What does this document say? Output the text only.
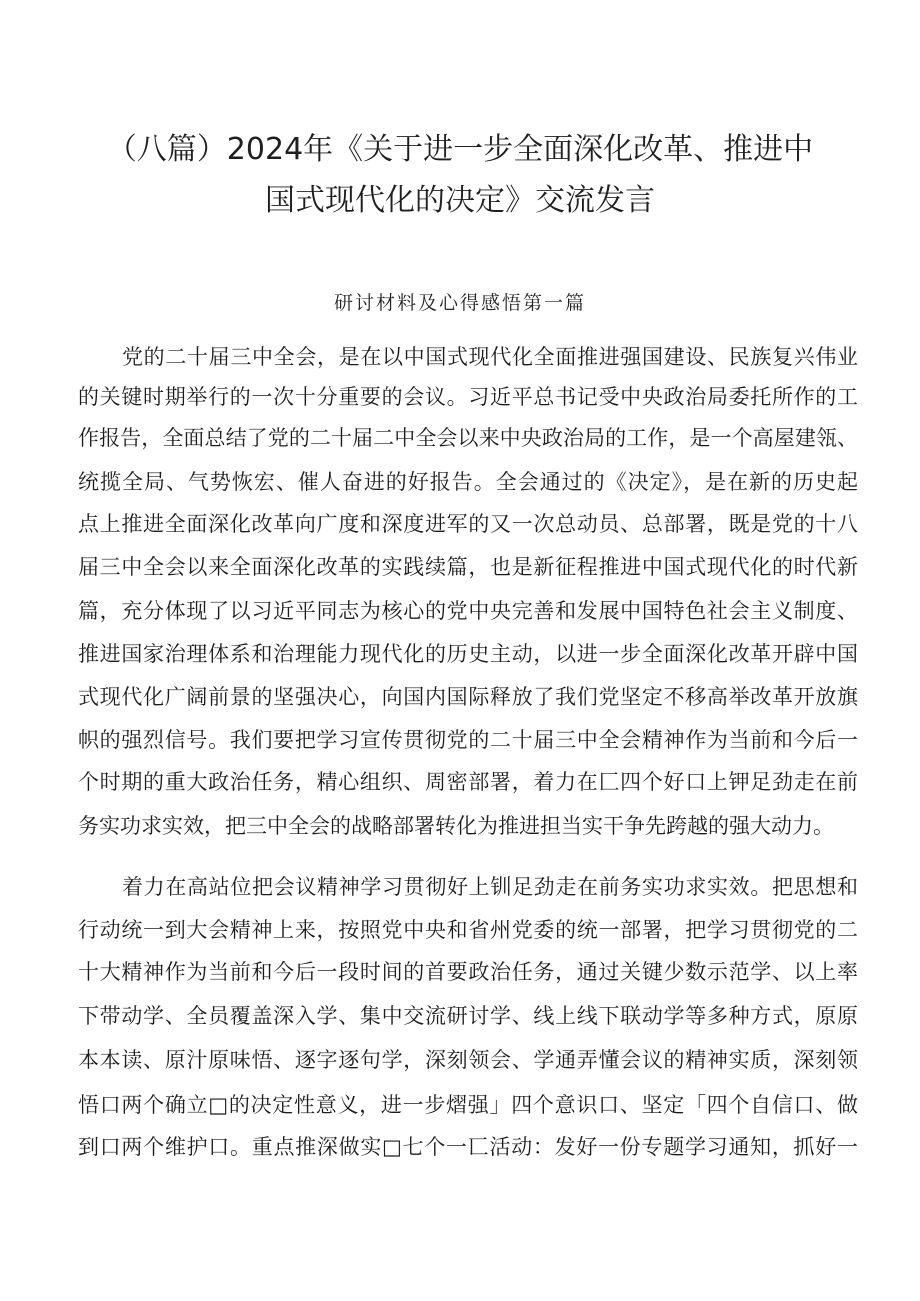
（八篇）2024年《关于进一步全面深化改革、推进中
国式现代化的决定》交流发言
研讨材料及心得感悟第一篇
党的二十届三中全会，是在以中国式现代化全面推进强国建设、民族复兴伟业
的关键时期举行的一次十分重要的会议。习近平总书记受中央政治局委托所作的工
作报告，全面总结了党的二十届二中全会以来中央政治局的工作，是一个高屋建瓴、
统揽全局、气势恢宏、催人奋进的好报告。全会通过的《决定》，是在新的历史起
点上推进全面深化改革向广度和深度进军的又一次总动员、总部署，既是党的十八
届三中全会以来全面深化改革的实践续篇，也是新征程推进中国式现代化的时代新
篇，充分体现了以习近平同志为核心的党中央完善和发展中国特色社会主义制度、
推进国家治理体系和治理能力现代化的历史主动，以进一步全面深化改革开辟中国
式现代化广阔前景的坚强决心，向国内国际释放了我们党坚定不移高举改革开放旗
帜的强烈信号。我们要把学习宣传贯彻党的二十届三中全会精神作为当前和今后一
个时期的重大政治任务，精心组织、周密部署，着力在匚四个好口上钾足劲走在前
务实功求实效，把三中全会的战略部署转化为推进担当实干争先跨越的强大动力。
着力在高站位把会议精神学习贯彻好上钏足劲走在前务实功求实效。把思想和
行动统一到大会精神上来，按照党中央和省州党委的统一部署，把学习贯彻党的二
十大精神作为当前和今后一段时间的首要政治任务，通过关键少数示范学、以上率
下带动学、全员覆盖深入学、集中交流研讨学、线上线下联动学等多种方式，原原
本本读、原汁原味悟、逐字逐句学，深刻领会、学通弄懂会议的精神实质，深刻领
悟口两个确立□的决定性意义，进一步熠强」四个意识口、坚定「四个自信口、做
到口两个维护口。重点推深做实□七个一匸活动：发好一份专题学习通知，抓好一
